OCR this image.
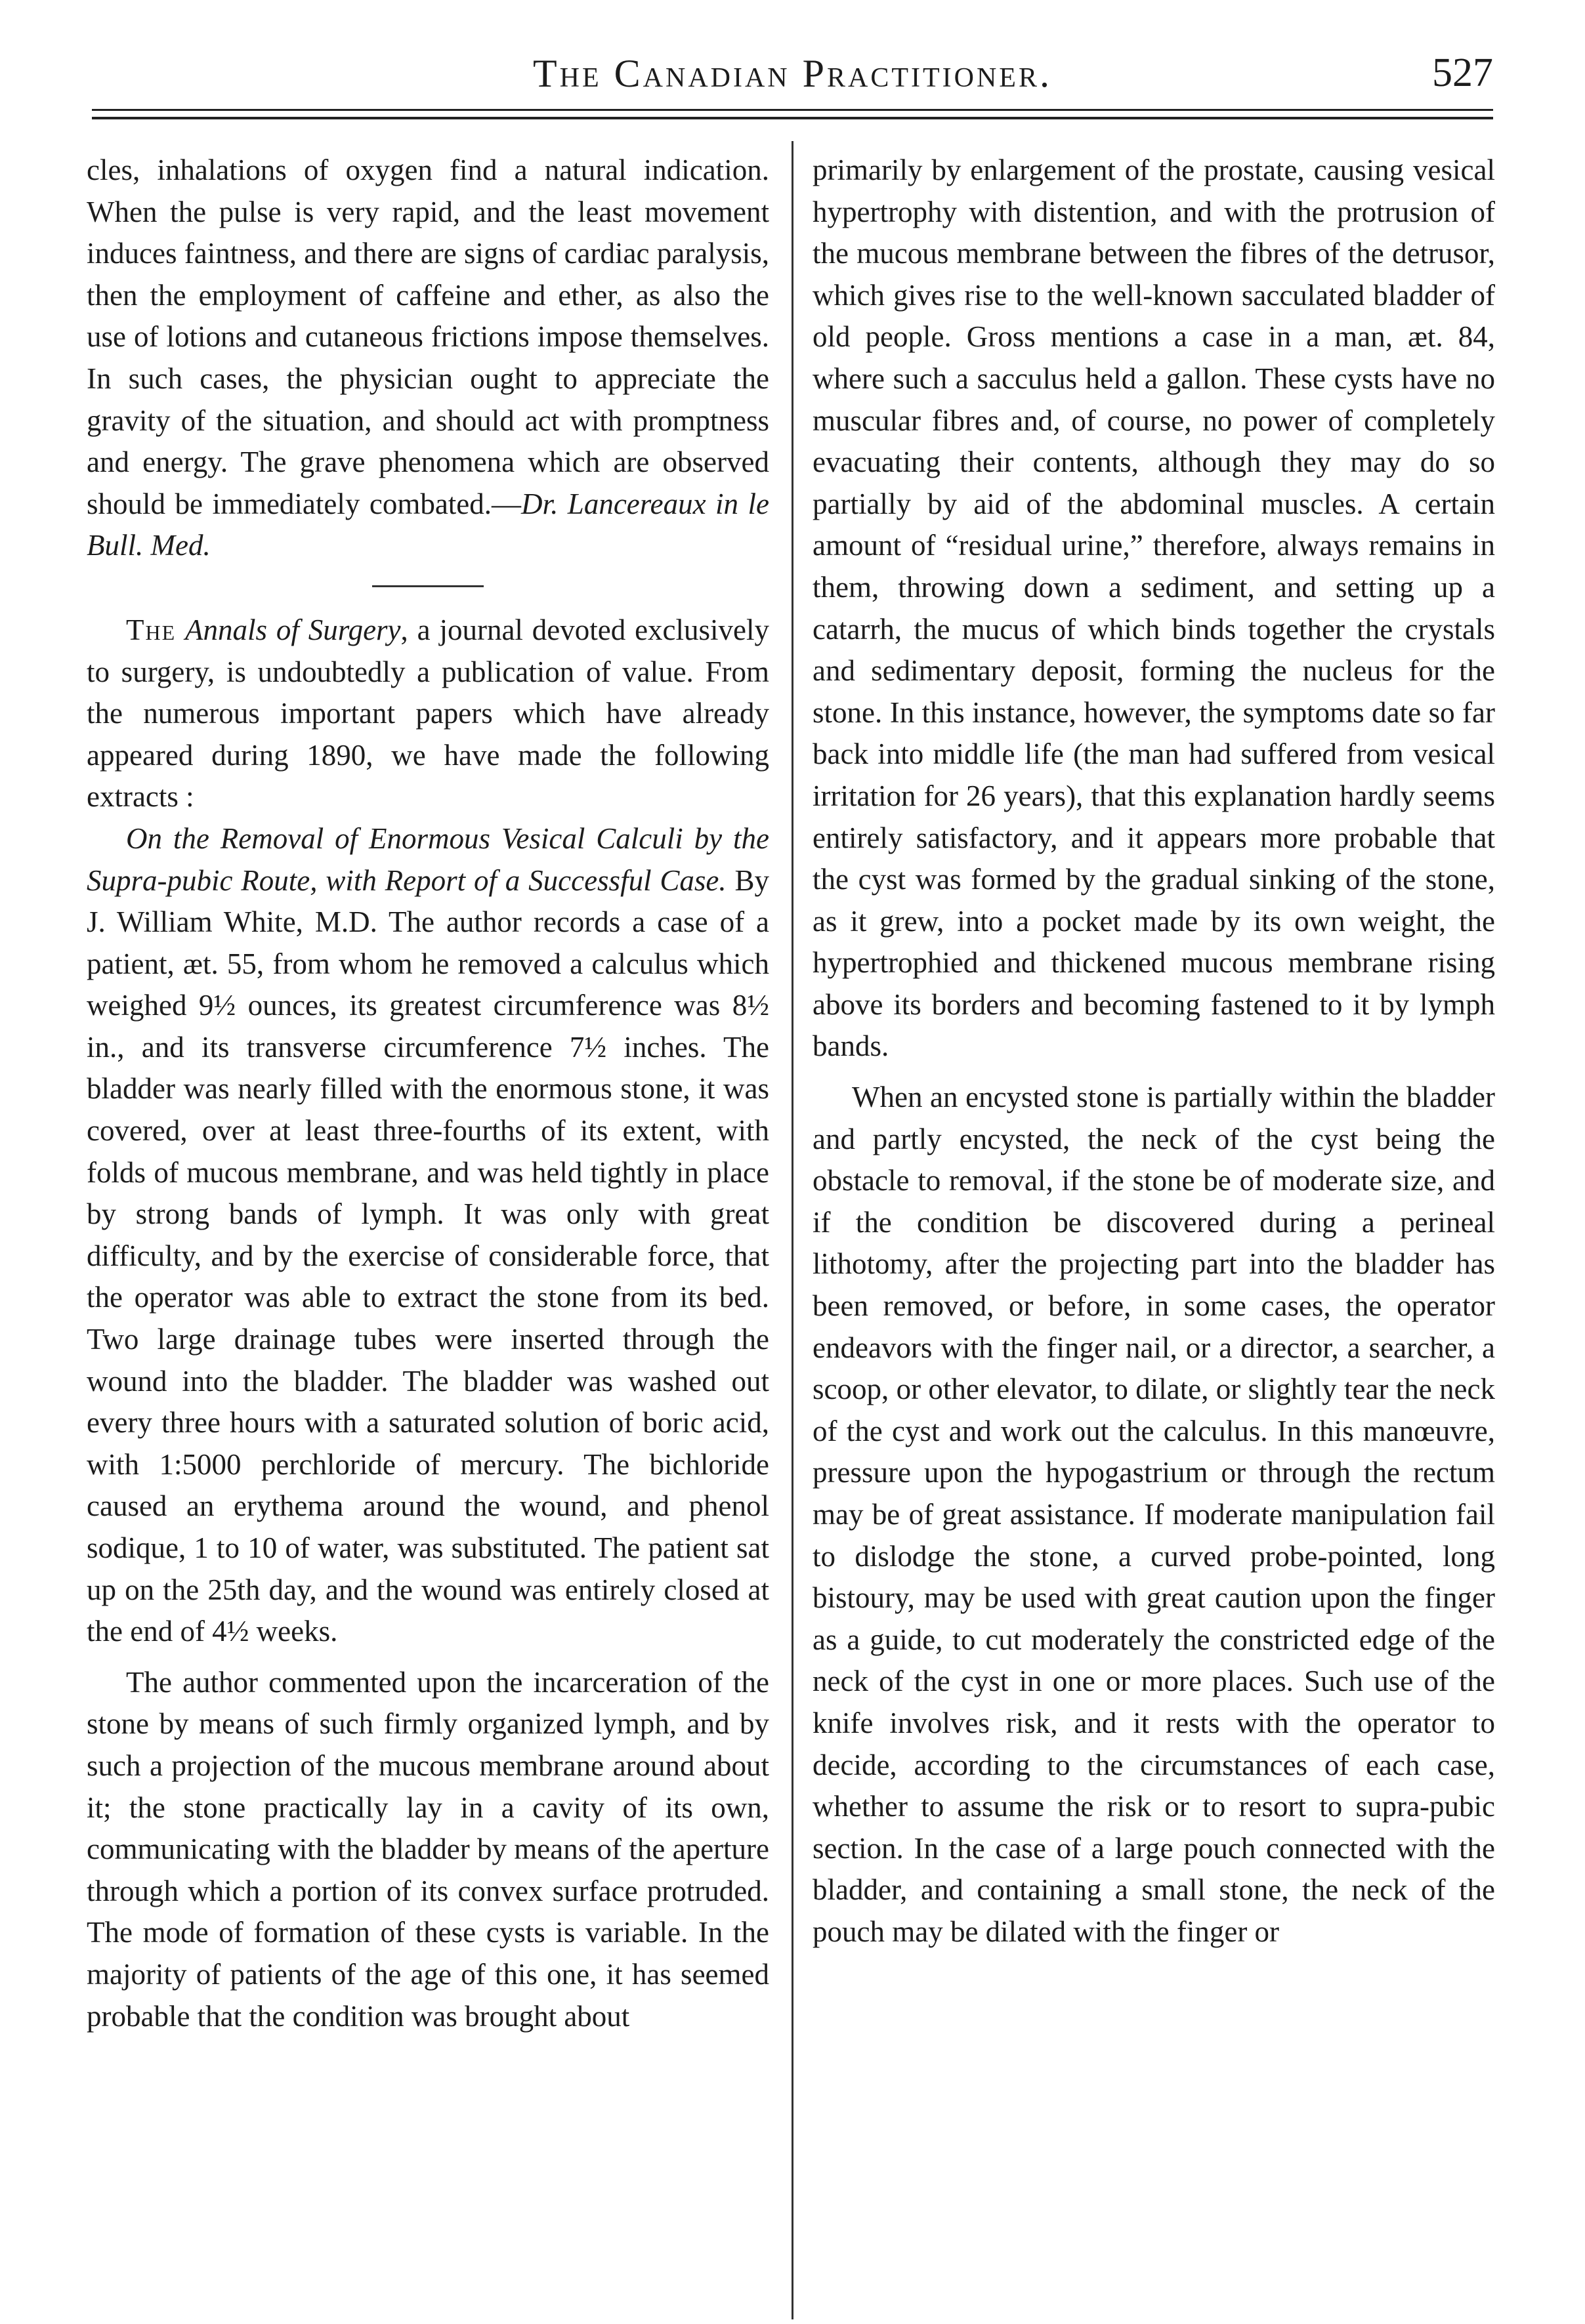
The Canadian Practitioner.	527

cles, inhalations of oxygen find a natural indication. When the pulse is very rapid, and the least movement induces faintness, and there are signs of cardiac paralysis, then the employment of caffeine and ether, as also the use of lotions and cutaneous frictions impose themselves. In such cases, the physician ought to appreciate the gravity of the situation, and should act with promptness and energy. The grave phenomena which are observed should be immediately combated.—Dr. Lancereaux in le Bull. Med.

The Annals of Surgery, a journal devoted exclusively to surgery, is undoubtedly a publication of value. From the numerous important papers which have already appeared during 1890, we have made the following extracts :

On the Removal of Enormous Vesical Calculi by the Supra-pubic Route, with Report of a Successful Case. By J. William White, M.D. The author records a case of a patient, æt. 55, from whom he removed a calculus which weighed 9½ ounces, its greatest circumference was 8½ in., and its transverse circumference 7½ inches. The bladder was nearly filled with the enormous stone, it was covered, over at least three-fourths of its extent, with folds of mucous membrane, and was held tightly in place by strong bands of lymph. It was only with great difficulty, and by the exercise of considerable force, that the operator was able to extract the stone from its bed. Two large drainage tubes were inserted through the wound into the bladder. The bladder was washed out every three hours with a saturated solution of boric acid, with 1:5000 perchloride of mercury. The bichloride caused an erythema around the wound, and phenol sodique, 1 to 10 of water, was substituted. The patient sat up on the 25th day, and the wound was entirely closed at the end of 4½ weeks.

The author commented upon the incarceration of the stone by means of such firmly organized lymph, and by such a projection of the mucous membrane around about it; the stone practically lay in a cavity of its own, communicating with the bladder by means of the aperture through which a portion of its convex surface protruded. The mode of formation of these cysts is variable. In the majority of patients of the age of this one, it has seemed probable that the condition was brought about

primarily by enlargement of the prostate, causing vesical hypertrophy with distention, and with the protrusion of the mucous membrane between the fibres of the detrusor, which gives rise to the well-known sacculated bladder of old people. Gross mentions a case in a man, æt. 84, where such a sacculus held a gallon. These cysts have no muscular fibres and, of course, no power of completely evacuating their contents, although they may do so partially by aid of the abdominal muscles. A certain amount of “residual urine,” therefore, always remains in them, throwing down a sediment, and setting up a catarrh, the mucus of which binds together the crystals and sedimentary deposit, forming the nucleus for the stone. In this instance, however, the symptoms date so far back into middle life (the man had suffered from vesical irritation for 26 years), that this explanation hardly seems entirely satisfactory, and it appears more probable that the cyst was formed by the gradual sinking of the stone, as it grew, into a pocket made by its own weight, the hypertrophied and thickened mucous membrane rising above its borders and becoming fastened to it by lymph bands.

When an encysted stone is partially within the bladder and partly encysted, the neck of the cyst being the obstacle to removal, if the stone be of moderate size, and if the condition be discovered during a perineal lithotomy, after the projecting part into the bladder has been removed, or before, in some cases, the operator endeavors with the finger nail, or a director, a searcher, a scoop, or other elevator, to dilate, or slightly tear the neck of the cyst and work out the calculus. In this manœuvre, pressure upon the hypogastrium or through the rectum may be of great assistance. If moderate manipulation fail to dislodge the stone, a curved probe-pointed, long bistoury, may be used with great caution upon the finger as a guide, to cut moderately the constricted edge of the neck of the cyst in one or more places. Such use of the knife involves risk, and it rests with the operator to decide, according to the circumstances of each case, whether to assume the risk or to resort to supra-pubic section. In the case of a large pouch connected with the bladder, and containing a small stone, the neck of the pouch may be dilated with the finger or
